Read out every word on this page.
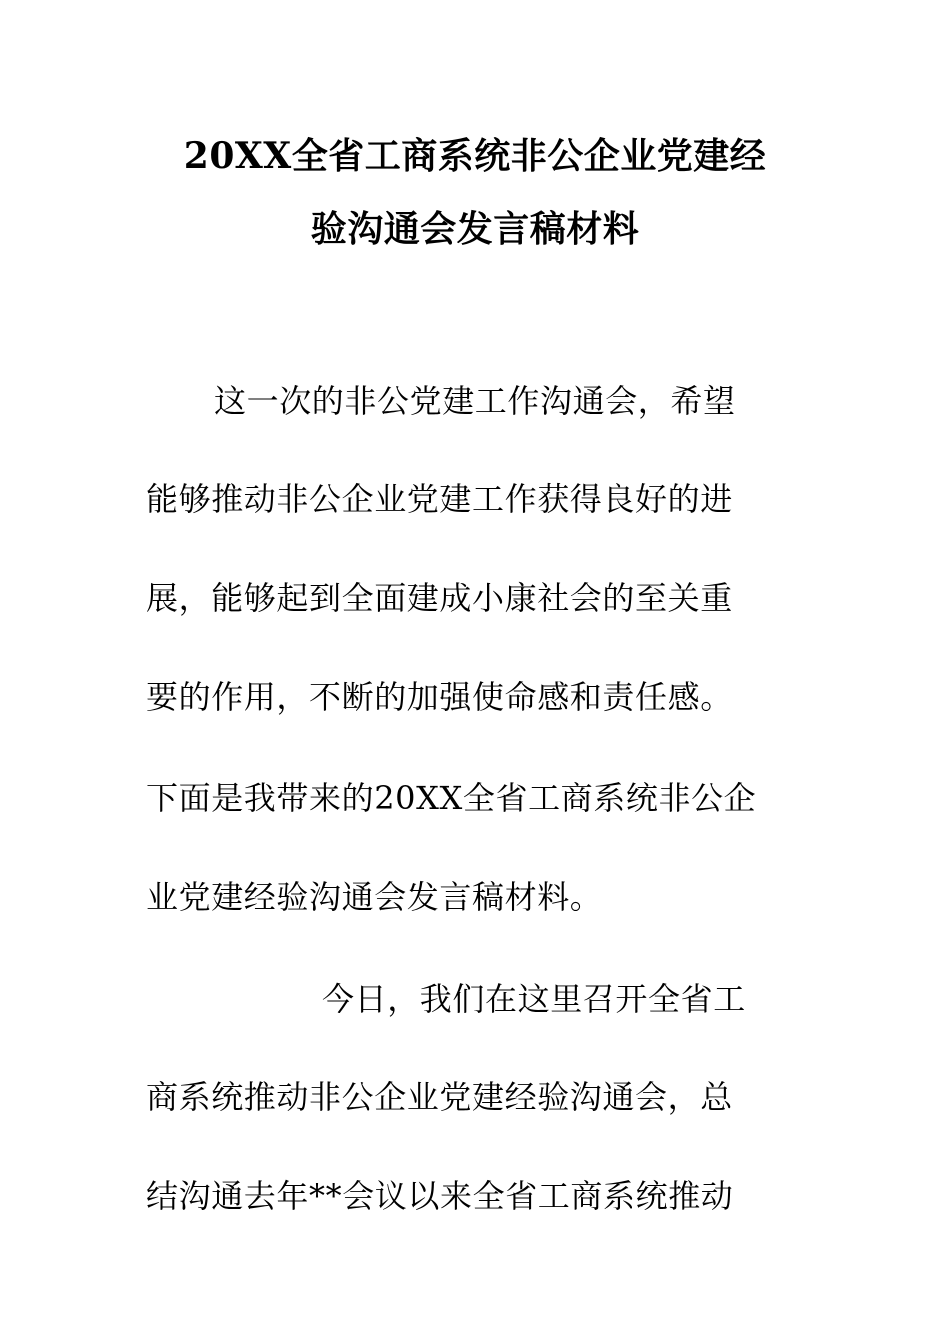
20XX全省工商系统非公企业党建经
验沟通会发言稿材料
这一次的非公党建工作沟通会，希望
能够推动非公企业党建工作获得良好的进
展，能够起到全面建成小康社会的至关重
要的作用，不断的加强使命感和责任感。
下面是我带来的20XX全省工商系统非公企
业党建经验沟通会发言稿材料。
今日，我们在这里召开全省工
商系统推动非公企业党建经验沟通会，总
结沟通去年**会议以来全省工商系统推动
